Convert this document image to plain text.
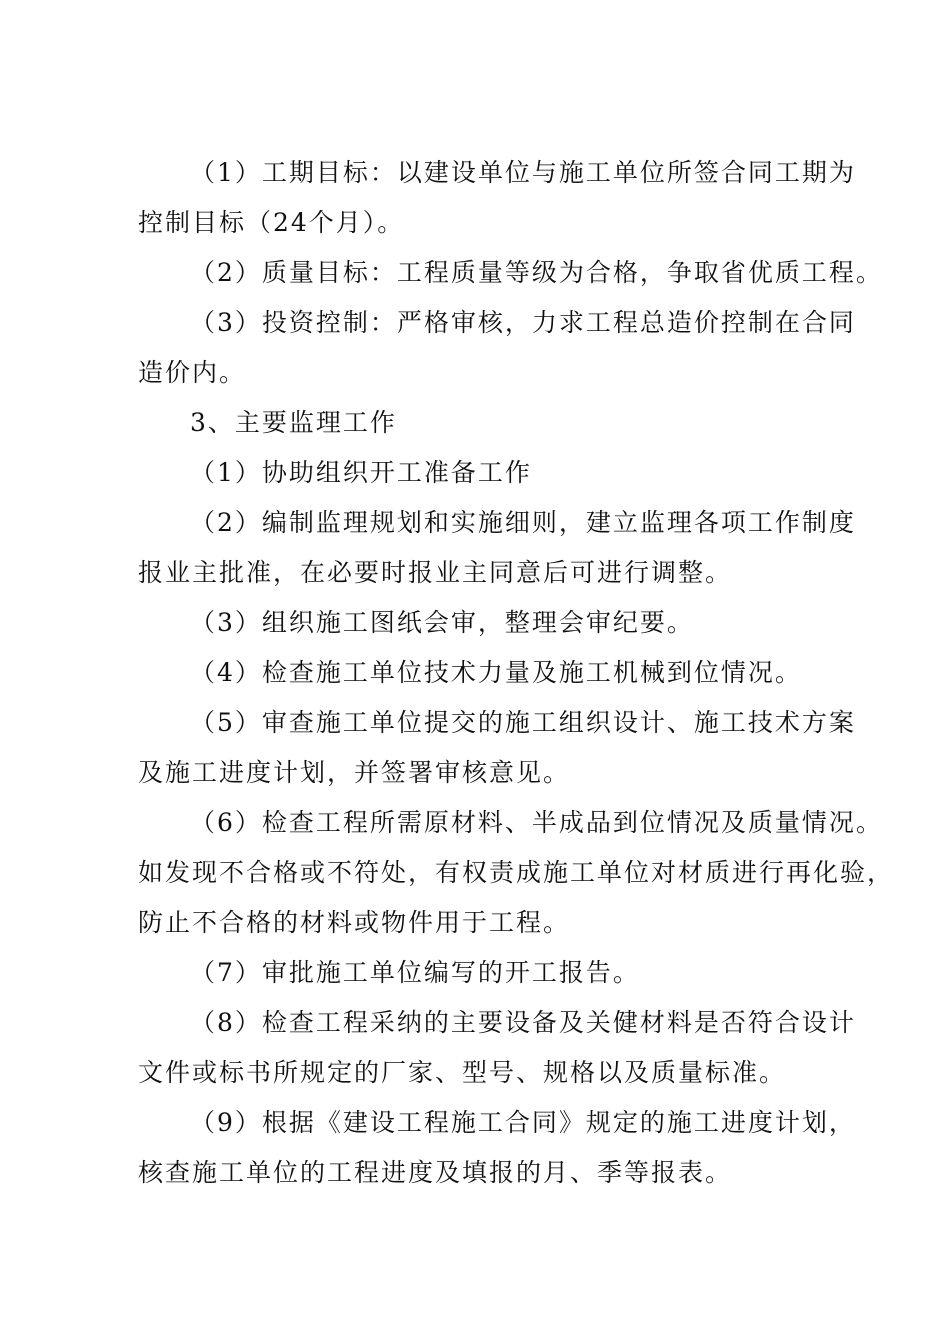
（1）工期目标：以建设单位与施工单位所签合同工期为
控制目标（24个月）。
（2）质量目标：工程质量等级为合格，争取省优质工程。
（3）投资控制：严格审核，力求工程总造价控制在合同
造价内。
3、主要监理工作
（1）协助组织开工准备工作
（2）编制监理规划和实施细则，建立监理各项工作制度
报业主批准，在必要时报业主同意后可进行调整。
（3）组织施工图纸会审，整理会审纪要。
（4）检查施工单位技术力量及施工机械到位情况。
（5）审查施工单位提交的施工组织设计、施工技术方案
及施工进度计划，并签署审核意见。
（6）检查工程所需原材料、半成品到位情况及质量情况。
如发现不合格或不符处，有权责成施工单位对材质进行再化验，
防止不合格的材料或物件用于工程。
（7）审批施工单位编写的开工报告。
（8）检查工程采纳的主要设备及关健材料是否符合设计
文件或标书所规定的厂家、型号、规格以及质量标准。
（9）根据《建设工程施工合同》规定的施工进度计划，
核查施工单位的工程进度及填报的月、季等报表。
